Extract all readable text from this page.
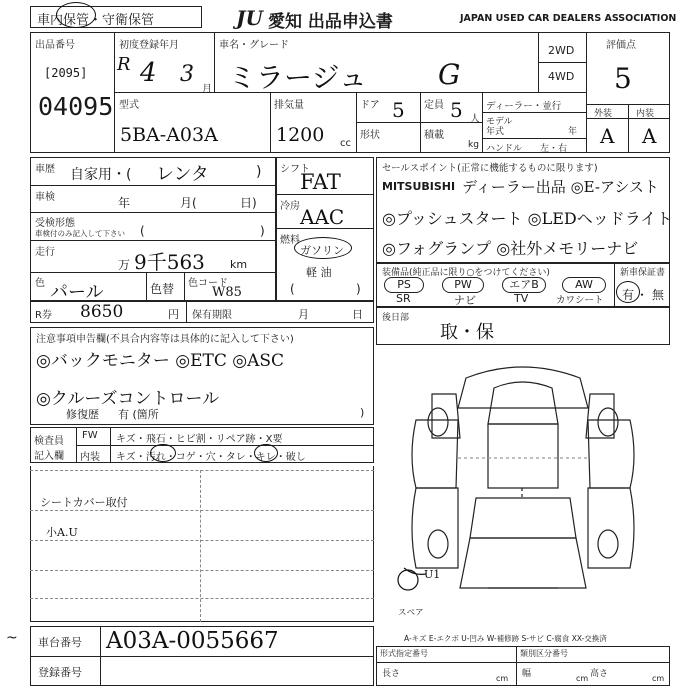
車内保管・守衛保管	JU 愛知 出品申込書	JAPAN USED CAR DEALERS ASSOCIATION
出品番号
[2095]
04095
初度登録年月
R 4 3
月
車名・グレード
ミラージュ	G
2WD
4WD
評価点
5
外装	内装
A A
型式
5BA-A03A
排気量
1200 cc
ドア 5 定員 5 人
形状	積載
kg
ディーラー・並行
モデル
年式	年
ハンドル 左・右
車歴 自家用・( レンタ	)
車検	年	月(	日)
受検形態
車検付のみ記入して下さい (	)
走行
万 9千563 km
色 パール	色替 色コード
W85
シフト
FAT
冷房 AAC
燃料
ガソリン
軽 油
(	)
セールスポイント(正常に機能するものに限ります)
MITSUBISHI ディーラー出品 ◎E-アシスト
◎プッシュスタート ◎LEDヘッドライト
◎フォグランプ ◎社外メモリーナビ
装備品(純正品に限り○をつけてください)
PS	PW	エアB	AW
SR	ナビ	TV	カワシート
新車保証書
有 ・ 無
R券 8650	円 保有期限	月	日 後日部
取・保
注意事項申告欄(不具合内容等は具体的に記入して下さい)
◎バックモニター ◎ETC ◎ASC
◎クルーズコントロール
修復歴 有 (箇所	)
検査員
記入欄
FW キズ・飛石・ヒビ割・リペア跡・X要
内装 キズ・汚れ・コゲ・穴・タレ・キレ・破し
シートカバー取付
小A.U
U1
スペア
A-キズ E-エクボ U-凹み W-補修跡 S-サビ C-腐食 XX-交換済
~ 車台番号 A03A-0055667
登録番号
形式指定番号	類別区分番号
長さ	cm 幅	cm 高さ	cm
